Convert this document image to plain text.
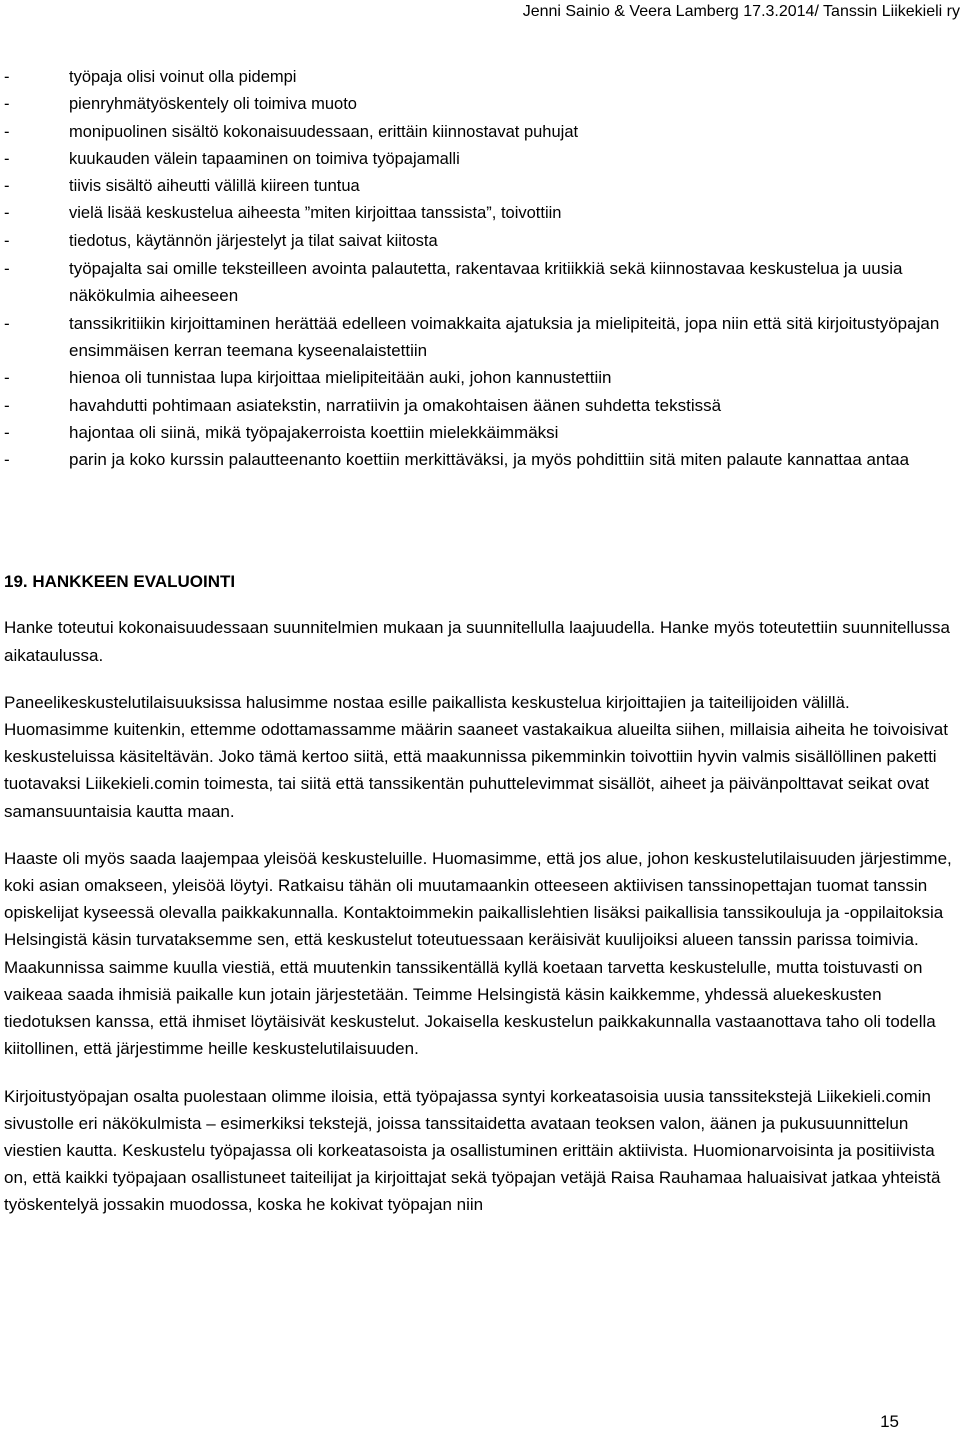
Jenni Sainio & Veera Lamberg 17.3.2014/ Tanssin Liikekieli ry
-	työpaja olisi voinut olla pidempi
-	pienryhmätyöskentely oli toimiva muoto
-	monipuolinen sisältö kokonaisuudessaan, erittäin kiinnostavat puhujat
-	kuukauden välein tapaaminen on toimiva työpajamalli
-	tiivis sisältö aiheutti välillä kiireen tuntua
-	vielä lisää keskustelua aiheesta ”miten kirjoittaa tanssista”, toivottiin
-	tiedotus, käytännön järjestelyt ja tilat saivat kiitosta
-	työpajalta sai omille teksteilleen avointa palautetta, rakentavaa kritiikkiä sekä kiinnostavaa keskustelua ja uusia näkökulmia aiheeseen
-	tanssikritiikin kirjoittaminen herättää edelleen voimakkaita ajatuksia ja mielipiteitä, jopa niin että sitä kirjoitustyöpajan ensimmäisen kerran teemana kyseenalaistettiin
-	hienoa oli tunnistaa lupa kirjoittaa mielipiteitään auki, johon kannustettiin
-	havahdutti pohtimaan asiatekstin, narratiivin ja omakohtaisen äänen suhdetta tekstissä
-	hajontaa oli siinä, mikä työpajakerroista koettiin mielekkäimmäksi
-	parin ja koko kurssin palautteenanto koettiin merkittäväksi, ja myös pohdittiin sitä miten palaute kannattaa antaa
19. HANKKEEN EVALUOINTI

Hanke toteutui kokonaisuudessaan suunnitelmien mukaan ja suunnitellulla laajuudella. Hanke myös toteutettiin suunnitellussa aikataulussa.

Paneelikeskustelutilaisuuksissa halusimme nostaa esille paikallista keskustelua kirjoittajien ja taiteilijoiden välillä. Huomasimme kuitenkin, ettemme odottamassamme määrin saaneet vastakaikua alueilta siihen, millaisia aiheita he toivoisivat keskusteluissa käsiteltävän. Joko tämä kertoo siitä, että maakunnissa pikemminkin toivottiin hyvin valmis sisällöllinen paketti tuotavaksi Liikekieli.comin toimesta, tai siitä että tanssikentän puhuttelevimmat sisällöt, aiheet ja päivänpolttavat seikat ovat samansuuntaisia kautta maan.

Haaste oli myös saada laajempaa yleisöä keskusteluille. Huomasimme, että jos alue, johon keskustelutilaisuuden järjestimme, koki asian omakseen, yleisöä löytyi. Ratkaisu tähän oli muutamaankin otteeseen aktiivisen tanssinopettajan tuomat tanssin opiskelijat kyseessä olevalla paikkakunnalla. Kontaktoimmekin paikallislehtien lisäksi paikallisia tanssikouluja ja -oppilaitoksia Helsingistä käsin turvataksemme sen, että keskustelut toteutuessaan keräisivät kuulijoiksi alueen tanssin parissa toimivia. Maakunnissa saimme kuulla viestiä, että muutenkin tanssikentällä kyllä koetaan tarvetta keskustelulle, mutta toistuvasti on vaikeaa saada ihmisiä paikalle kun jotain järjestetään. Teimme Helsingistä käsin kaikkemme, yhdessä aluekeskusten tiedotuksen kanssa, että ihmiset löytäisivät keskustelut. Jokaisella keskustelun paikkakunnalla vastaanottava taho oli todella kiitollinen, että järjestimme heille keskustelutilaisuuden.

Kirjoitustyöpajan osalta puolestaan olimme iloisia, että työpajassa syntyi korkeatasoisia uusia tanssitekstejä Liikekieli.comin sivustolle eri näkökulmista – esimerkiksi tekstejä, joissa tanssitaidetta avataan teoksen valon, äänen ja pukusuunnittelun viestien kautta. Keskustelu työpajassa oli korkeatasoista ja osallistuminen erittäin aktiivista. Huomionarvoisinta ja positiivista on, että kaikki työpajaan osallistuneet taiteilijat ja kirjoittajat sekä työpajan vetäjä Raisa Rauhamaa haluaisivat jatkaa yhteistä työskentelyä jossakin muodossa, koska he kokivat työpajan niin

15
